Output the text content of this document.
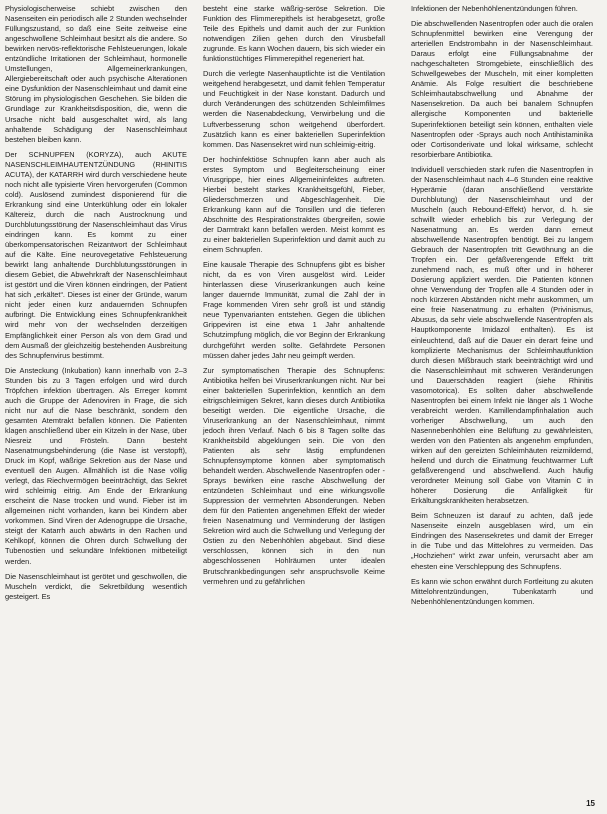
Physiologischerweise schiebt zwischen den Nasenseiten ein periodisch alle 2 Stunden wechselnder Füllungszustand, so daß eine Seite zeitweise eine angeschwollene Schleimhaut besitzt als die andere. So bewirken nervös-reflektorische Fehlsteuerungen, lokale entzündliche Irritationen der Schleimhaut, hormonelle Umstellungen, Allgemeinerkrankungen, Allergiebereitschaft oder auch psychische Alterationen eine Dysfunktion der Nasenschleimhaut und damit eine Störung im physiologischen Geschehen. Sie bilden die Grundlage zur Krankheitsdisposition, die, wenn die Ursache nicht bald ausgeschaltet wird, als lang anhaltende Schädigung der Nasenschleimhaut bestehen bleiben kann.

Der SCHNUPFEN (KORYZA), auch AKUTE NASENSCHLEIMHAUTENTZÜNDUNG (RHINITIS ACUTA), der KATARRH wird durch verschiedene heute noch nicht alle typisierte Viren hervorgerufen (Common cold). Auslösend zumindest disponierend für die Erkrankung sind eine Unterkühlung oder ein lokaler Kältereiz, durch die nach Austrocknung und Durchblutungsstörung der Nasenschleimhaut das Virus eindringen kann. Es kommt zu einer überkompensatorischen Reizantwort der Schleimhaut auf die Kälte. Eine neurovegetative Fehlsteuerung bewirkt lang anhaltende Durchblutungsstörungen in diesem Gebiet, die Abwehrkraft der Nasenschleimhaut ist gestört und die Viren können eindringen, der Patient hat sich „erkältet“. Dieses ist einer der Gründe, warum nicht jeder einen kurz andauernden Schnupfen aufbringt. Die Entwicklung eines Schnupfenkrankheit wird mehr von der wechselnden derzeitigen Empfänglichkeit einer Person als von dem Grad und dem Ausmaß der gleichzeitig bestehenden Ausbreitung des Schnupfenvirus bestimmt.

Die Ansteckung (Inkubation) kann innerhalb von 2–3 Stunden bis zu 3 Tagen erfolgen und wird durch Tröpfchen infektion übertragen. Als Erreger kommt auch die Gruppe der Adenoviren in Frage, die sich nicht nur auf die Nase beschränkt, sondern den gesamten Atemtrakt befallen können. Die Patienten klagen anschließend über ein Kitzeln in der Nase, über Niesreiz und Frösteln. Dann besteht Nasenatmungsbehinderung (die Nase ist verstopft), Druck im Kopf, wäßrige Sekretion aus der Nase und eventuell den Augen. Allmählich ist die Nase völlig verlegt, das Riechvermögen beeinträchtigt, das Sekret wird schleimig eitrig. Am Ende der Erkrankung erscheint die Nase trocken und wund. Fieber ist im allgemeinen nicht vorhanden, kann bei Kindern aber vorkommen. Sind Viren der Adenogruppe die Ursache, steigt der Katarrh auch abwärts in den Rachen und Kehlkopf, können die Ohren durch Schwellung der Tubenostien und sekundäre Infektionen mitbeteiligt werden.

Die Nasenschleimhaut ist gerötet und geschwollen, die Muscheln verdickt, die Sekretbildung wesentlich gesteigert. Es

besteht eine starke wäßrig-seröse Sekretion. Die Funktion des Flimmerepithels ist herabgesetzt, große Teile des Epithels und damit auch der zur Funktion notwendigen Zilien gehen durch den Virusbefall zugrunde. Es kann Wochen dauern, bis sich wieder ein funktionstüchtiges Flimmerepithel regeneriert hat.

Durch die verlegte Nasenhauptlichte ist die Ventilation weitgehend herabgesetzt, und damit fehlen Temperatur und Feuchtigkeit in der Nase konstant. Dadurch und durch Veränderungen des schützenden Schleimfilmes werden die Nasenabdeckung, Verwirbelung und die Luftverbesserung schon weitgehend überfordert. Zusätzlich kann es einer bakteriellen Superinfektion kommen. Das Nasensekret wird nun schleimig-eitrig.

Der hochinfektiöse Schnupfen kann aber auch als erstes Symptom und Begleiterscheinung einer Virusgrippe, hier eines Allgemeininfektes auftreten. Hierbei besteht starkes Krankheitsgefühl, Fieber, Gliederschmerzen und Abgeschlagenheit. Die Erkrankung kann auf die Tonsillen und die tieferen Abschnitte des Respirationstraktes übergreifen, sowie der Darmtrakt kann befallen werden. Meist kommt es zu einer bakteriellen Superinfektion und damit auch zu einem Schnupfen.

Eine kausale Therapie des Schnupfens gibt es bisher nicht, da es von Viren ausgelöst wird. Leider hinterlassen diese Viruserkrankungen auch keine langer dauernde Immunität, zumal die Zahl der in Frage kommenden Viren sehr groß ist und ständig neue Typenvarianten entstehen. Gegen die üblichen Grippeviren ist eine etwa 1 Jahr anhaltende Schutzimpfung möglich, die vor Beginn der Erkrankung durchgeführt werden sollte. Gefährdete Personen müssen daher jedes Jahr neu geimpft werden.

Zur symptomatischen Therapie des Schnupfens: Antibiotika helfen bei Viruserkrankungen nicht. Nur bei einer bakteriellen Superinfektion, kenntlich an dem eitrigschleimigen Sekret, kann dieses durch Antibiotika beseitigt werden. Die eigentliche Ursache, die Viruserkrankung an der Nasenschleimhaut, nimmt jedoch ihren Verlauf. Nach 6 bis 8 Tagen sollte das Krankheitsbild abgeklungen sein. Die von den Patienten als sehr lästig empfundenen Schnupfensymptome können aber symptomatisch behandelt werden. Abschwellende Nasentropfen oder -Sprays bewirken eine rasche Abschwellung der entzündeten Schleimhaut und eine wirkungsvolle Suppression der vermehrten Absonderungen. Neben dem für den Patienten angenehmen Effekt der wieder freien Nasenatmung und Verminderung der lästigen Sekretion wird auch die Schwellung und Verlegung der Ostien zu den Nebenhöhlen abgebaut. Sind diese verschlossen, können sich in den nun abgeschlossenen Hohlräumen unter idealen Brutschrankbedingungen sehr anspruchsvolle Keime vermehren und zu gefährlichen

Infektionen der Nebenhöhlenentzündungen führen.

Die abschwellenden Nasentropfen oder auch die oralen Schnupfenmittel bewirken eine Verengung der arteriellen Endstrombahn in der Nasenschleimhaut. Daraus erfolgt eine Füllungsabnahme der nachgeschalteten Stromgebiete, einschließlich des Schwellgewebes der Muscheln, mit einer kompletten Anämie. Als Folge resultiert die beschriebene Schleimhautabschwellung und Abnahme der Nasensekretion. Da auch bei banalem Schnupfen allergische Komponenten und bakterielle Superinfektionen beteiligt sein können, enthalten viele Nasentropfen oder -Sprays auch noch Antihistaminika oder Cortisonderivate und lokal wirksame, schlecht resorbierbare Antibiotika.

Individuell verschieden stark rufen die Nasentropfen in der Nasenschleimhaut nach 4–6 Stunden eine reaktive Hyperämie (daran anschließend verstärkte Durchblutung) der Nasenschleimhaut und der Muscheln (auch Rebound-Effekt) hervor, d. h. sie schwillt wieder erheblich bis zur Verlegung der Nasenatmung an. Es werden dann erneut abschwellende Nasentropfen benötigt. Bei zu langem Gebrauch der Nasentropfen tritt Gewöhnung an die Tropfen ein. Der gefäßverengende Effekt tritt zunehmend nach, es muß öfter und in höherer Dosierung appliziert werden. Die Patienten können ohne Verwendung der Tropfen alle 4 Stunden oder in noch kürzeren Abständen nicht mehr auskommen, um eine freie Nasenatmung zu erhalten (Privinismus, Abusus, da sehr viele abschwellende Nasentropfen als Hauptkomponente Imidazol enthalten). Es ist einleuchtend, daß auf die Dauer ein derart feine und komplizierte Mechanismus der Schleimhautfunktion durch diesen Mißbrauch stark beeinträchtigt wird und die Nasenschleimhaut mit schweren Veränderungen und Dauerschäden reagiert (siehe Rhinitis vasomotorica). Es sollten daher abschwellende Nasentropfen bei einem Infekt nie länger als 1 Woche verabreicht werden. Kamillendampfinhalation auch vorheriger Abschwellung, um auch den Nasennebenhöhlen eine Belüftung zu gewährleisten, werden von den Patienten als angenehm empfunden, wirken auf den gereizten Schleimhäuten reizmildernd, heilend und durch die Einatmung feuchtwarmer Luft gefäßverengend und abschwellend. Auch häufig verordneter Meinung soll Gabe von Vitamin C in höherer Dosierung die Anfälligkeit für Erkältungskrankheiten herabsetzen.

Beim Schneuzen ist darauf zu achten, daß jede Nasenseite einzeln ausgeblasen wird, um ein Eindringen des Nasensekretes und damit der Erreger in die Tube und das Mittelohres zu vermeiden. Das „Hochziehen“ wirkt zwar unfein, verursacht aber am ehesten eine Verschleppung des Schnupfens.

Es kann wie schon erwähnt durch Fortleitung zu akuten Mittelohrentzündungen, Tubenkatarrh und Nebenhöhlenentzündungen kommen.

15
